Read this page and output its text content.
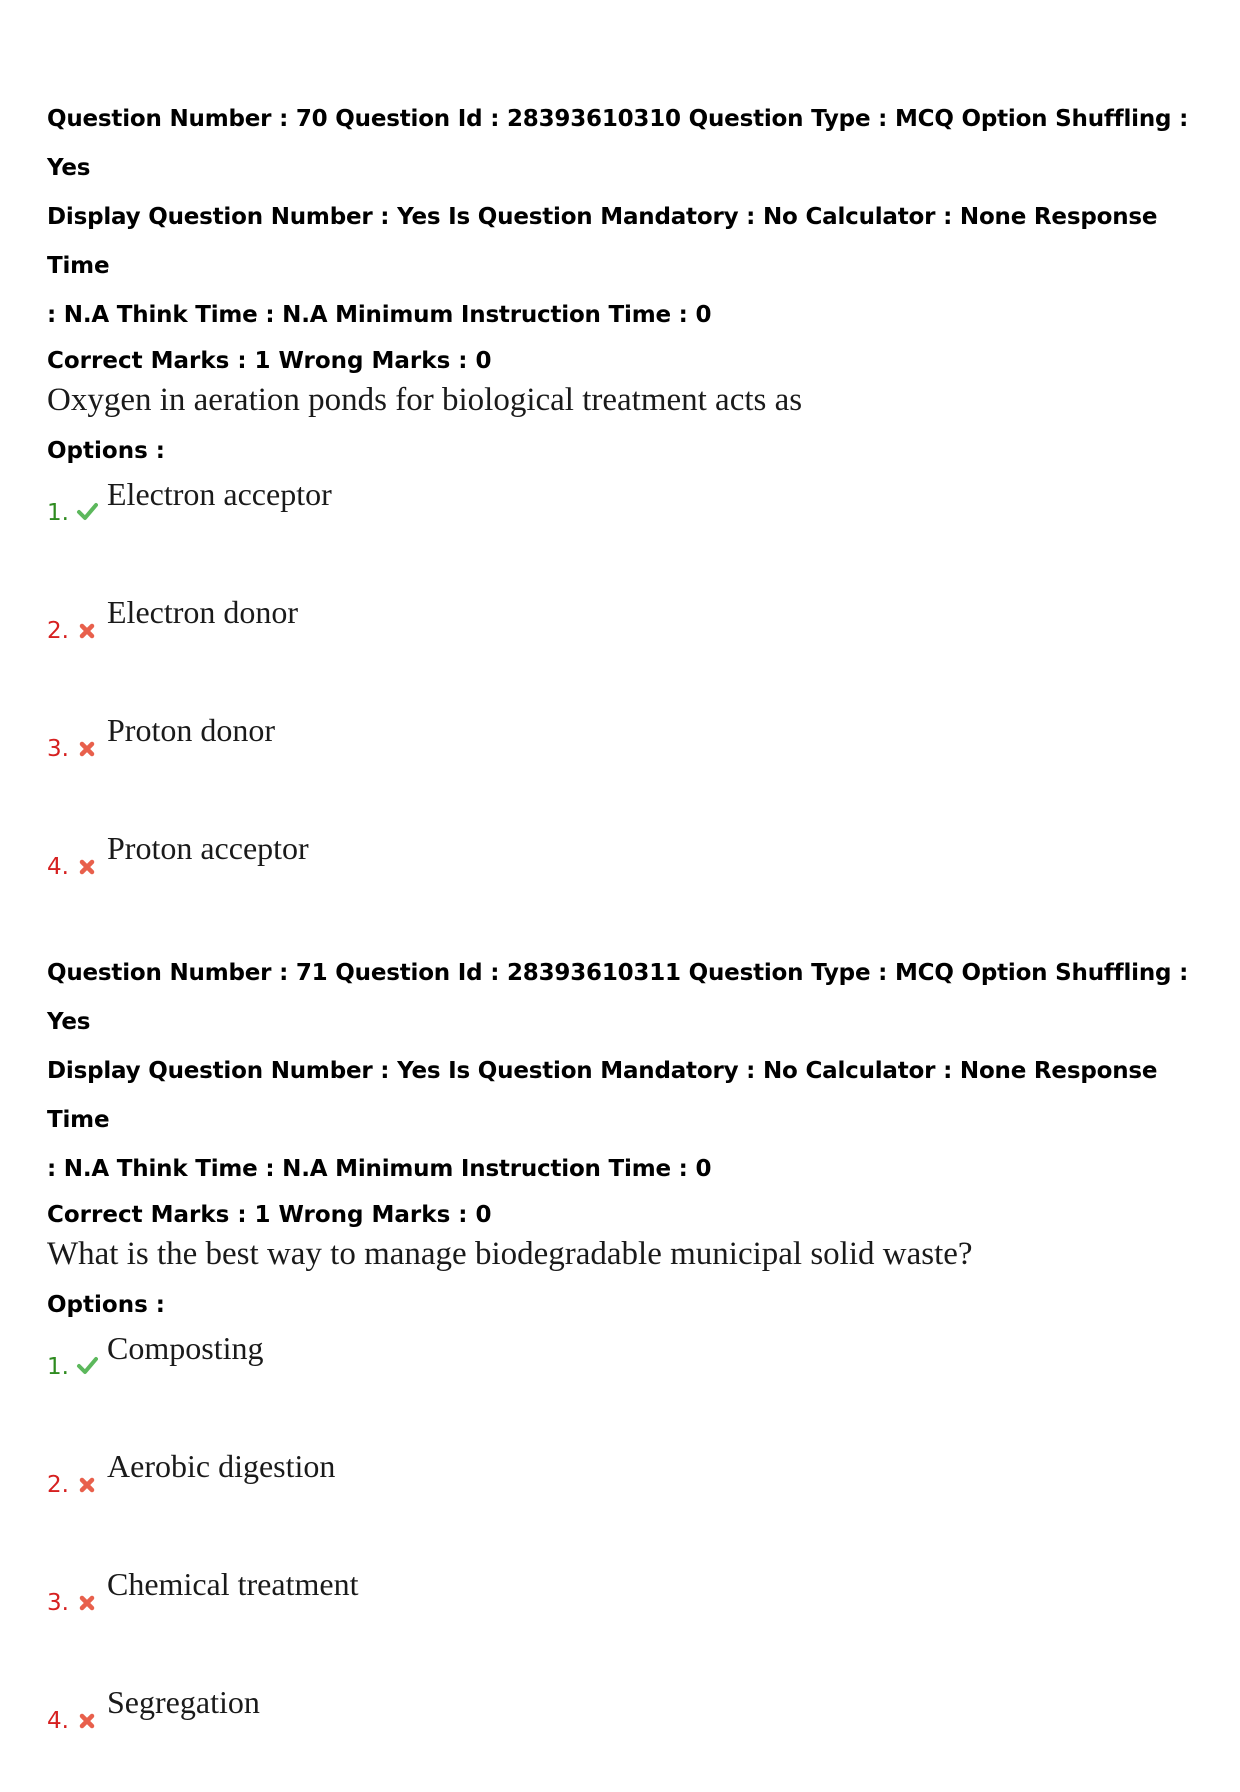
Question Number : 70 Question Id : 28393610310 Question Type : MCQ Option Shuffling : Yes
Display Question Number : Yes Is Question Mandatory : No Calculator : None Response Time
: N.A Think Time : N.A Minimum Instruction Time : 0
Correct Marks : 1 Wrong Marks : 0
Oxygen in aeration ponds for biological treatment acts as
Options :
1.
Electron acceptor
2.
Electron donor
3.
Proton donor
4.
Proton acceptor
Question Number : 71 Question Id : 28393610311 Question Type : MCQ Option Shuffling : Yes
Display Question Number : Yes Is Question Mandatory : No Calculator : None Response Time
: N.A Think Time : N.A Minimum Instruction Time : 0
Correct Marks : 1 Wrong Marks : 0
What is the best way to manage biodegradable municipal solid waste?
Options :
1.
Composting
2.
Aerobic digestion
3.
Chemical treatment
4.
Segregation
